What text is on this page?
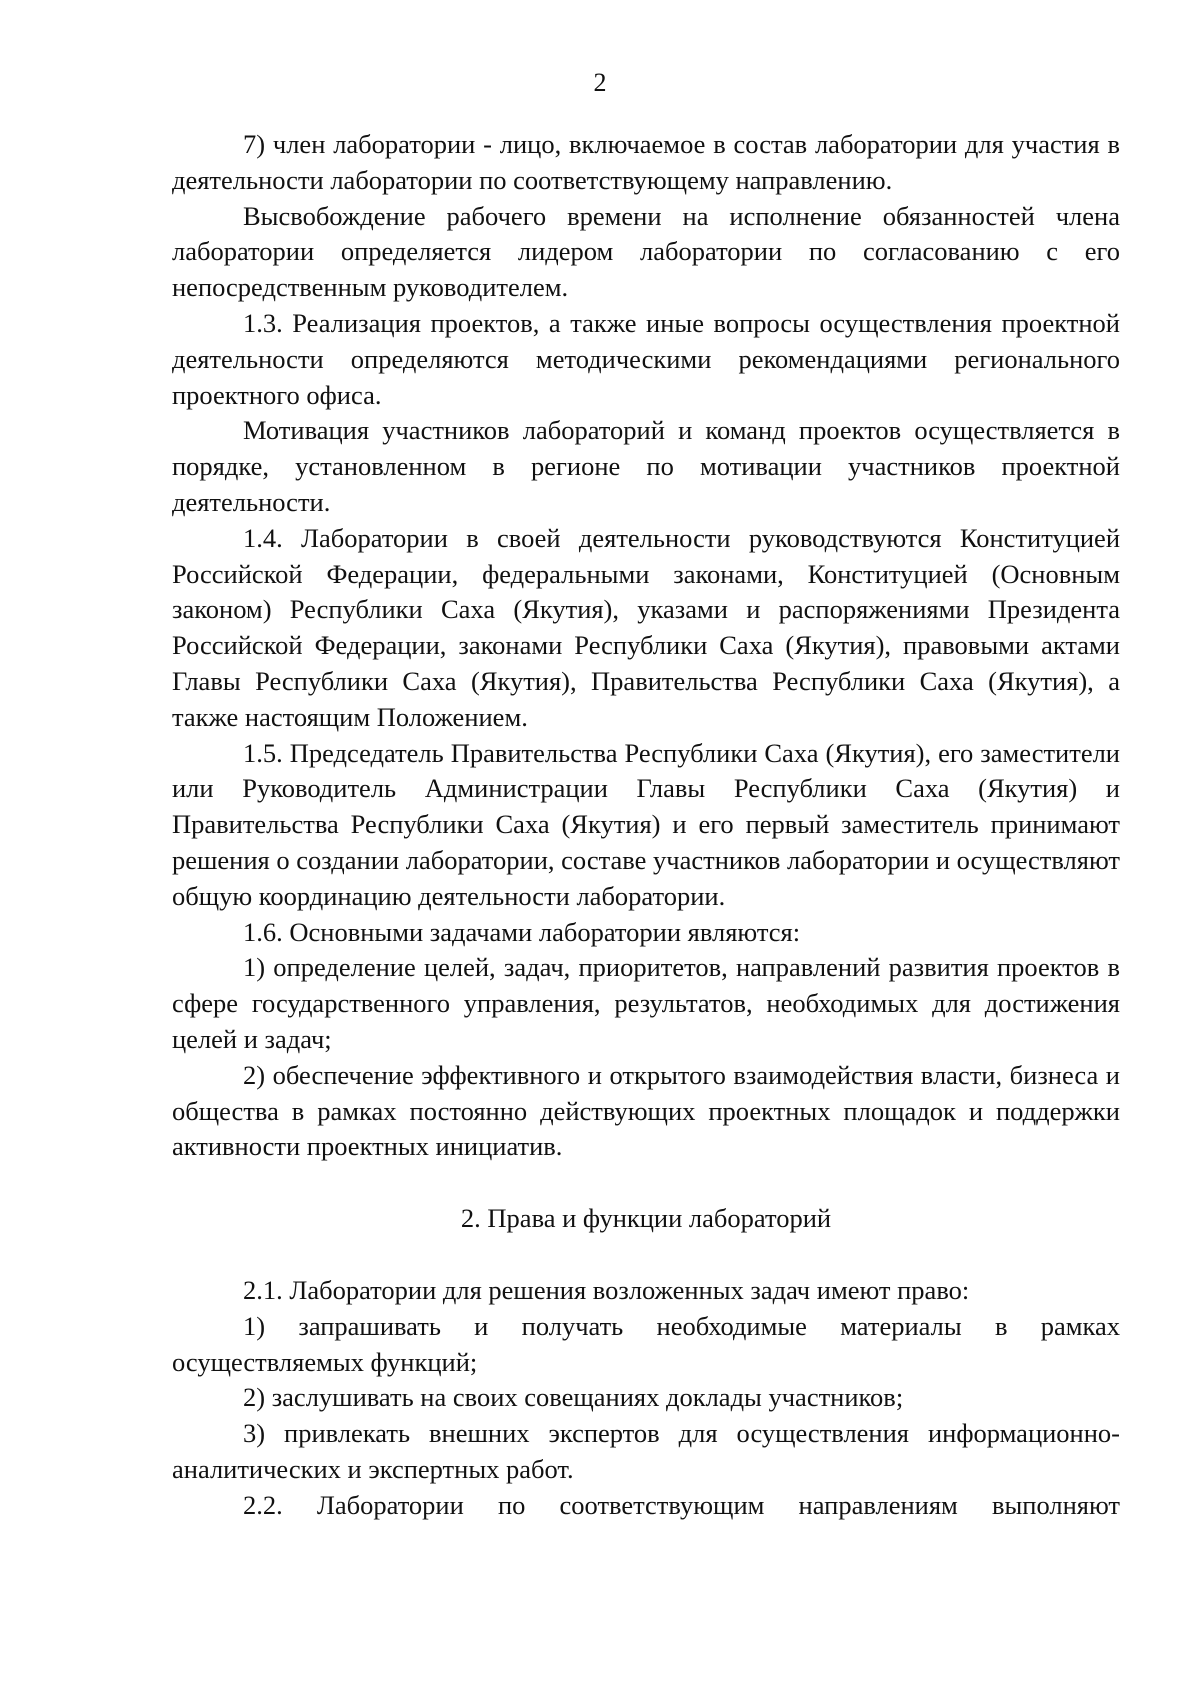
2

7) член лаборатории - лицо, включаемое в состав лаборатории для участия в деятельности лаборатории по соответствующему направлению.

Высвобождение рабочего времени на исполнение обязанностей члена лаборатории определяется лидером лаборатории по согласованию с его непосредственным руководителем.

1.3. Реализация проектов, а также иные вопросы осуществления проектной деятельности определяются методическими рекомендациями регионального проектного офиса.

Мотивация участников лабораторий и команд проектов осуществляется в порядке, установленном в регионе по мотивации участников проектной деятельности.

1.4. Лаборатории в своей деятельности руководствуются Конституцией Российской Федерации, федеральными законами, Конституцией (Основным законом) Республики Саха (Якутия), указами и распоряжениями Президента Российской Федерации, законами Республики Саха (Якутия), правовыми актами Главы Республики Саха (Якутия), Правительства Республики Саха (Якутия), а также настоящим Положением.

1.5. Председатель Правительства Республики Саха (Якутия), его заместители или Руководитель Администрации Главы Республики Саха (Якутия) и Правительства Республики Саха (Якутия) и его первый заместитель принимают решения о создании лаборатории, составе участников лаборатории и осуществляют общую координацию деятельности лаборатории.

1.6. Основными задачами лаборатории являются:

1) определение целей, задач, приоритетов, направлений развития проектов в сфере государственного управления, результатов, необходимых для достижения целей и задач;

2) обеспечение эффективного и открытого взаимодействия власти, бизнеса и общества в рамках постоянно действующих проектных площадок и поддержки активности проектных инициатив.

2. Права и функции лабораторий

2.1. Лаборатории для решения возложенных задач имеют право:

1) запрашивать и получать необходимые материалы в рамках осуществляемых функций;

2) заслушивать на своих совещаниях доклады участников;

3) привлекать внешних экспертов для осуществления информационно-аналитических и экспертных работ.

2.2. Лаборатории по соответствующим направлениям выполняют
